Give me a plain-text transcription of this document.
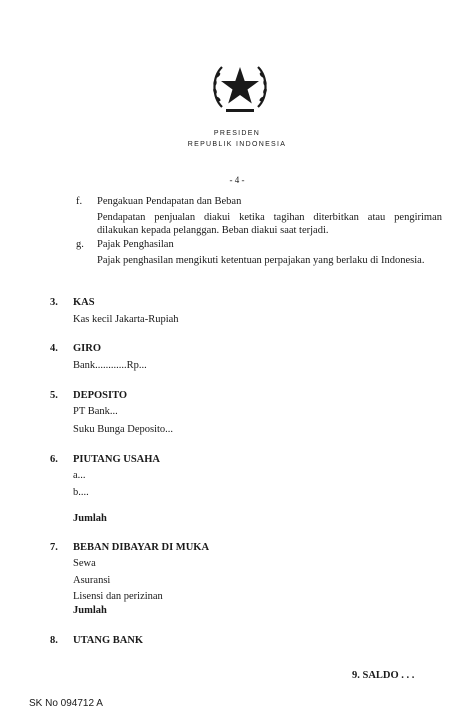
PRESIDEN
REPUBLIK INDONESIA
- 4 -
f. Pengakuan Pendapatan dan Beban
Pendapatan penjualan diakui ketika tagihan diterbitkan atau pengiriman dilakukan kepada pelanggan. Beban diakui saat terjadi.
g. Pajak Penghasilan
Pajak penghasilan mengikuti ketentuan perpajakan yang berlaku di Indonesia.
3. KAS
Kas kecil Jakarta-Rupiah
4. GIRO
Bank............Rp...
5. DEPOSITO
PT Bank...
Suku Bunga Deposito...
6. PIUTANG USAHA
a...
b....
Jumlah
7. BEBAN DIBAYAR DI MUKA
Sewa
Asuransi
Lisensi dan perizinan
Jumlah
8. UTANG BANK
9. SALDO . . .
SK No 094712 A
